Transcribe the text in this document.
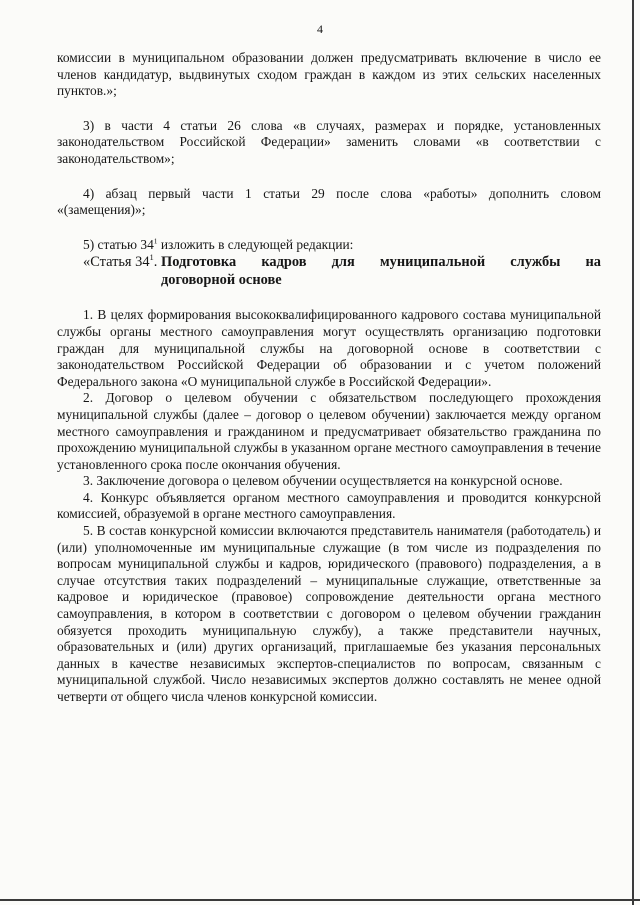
4

комиссии в муниципальном образовании должен предусматривать включение в число ее членов кандидатур, выдвинутых сходом граждан в каждом из этих сельских населенных пунктов.»;

3) в части 4 статьи 26 слова «в случаях, размерах и порядке, установленных законодательством Российской Федерации» заменить словами «в соответствии с законодательством»;

4) абзац первый части 1 статьи 29 после слова «работы» дополнить словом «(замещения)»;

5) статью $34^1$ изложить в следующей редакции:

«Статья $34^1$. Подготовка кадров для муниципальной службы на
договорной основе

1. В целях формирования высококвалифицированного кадрового состава муниципальной службы органы местного самоуправления могут осуществлять организацию подготовки граждан для муниципальной службы на договорной основе в соответствии с законодательством Российской Федерации об образовании и с учетом положений Федерального закона «О муниципальной службе в Российской Федерации».

2. Договор о целевом обучении с обязательством последующего прохождения муниципальной службы (далее – договор о целевом обучении) заключается между органом местного самоуправления и гражданином и предусматривает обязательство гражданина по прохождению муниципальной службы в указанном органе местного самоуправления в течение установленного срока после окончания обучения.

3. Заключение договора о целевом обучении осуществляется на конкурсной основе.

4. Конкурс объявляется органом местного самоуправления и проводится конкурсной комиссией, образуемой в органе местного самоуправления.

5. В состав конкурсной комиссии включаются представитель нанимателя (работодатель) и (или) уполномоченные им муниципальные служащие (в том числе из подразделения по вопросам муниципальной службы и кадров, юридического (правового) подразделения, а в случае отсутствия таких подразделений – муниципальные служащие, ответственные за кадровое и юридическое (правовое) сопровождение деятельности органа местного самоуправления, в котором в соответствии с договором о целевом обучении гражданин обязуется проходить муниципальную службу), а также представители научных, образовательных и (или) других организаций, приглашаемые без указания персональных данных в качестве независимых экспертов-специалистов по вопросам, связанным с муниципальной службой. Число независимых экспертов должно составлять не менее одной четверти от общего числа членов конкурсной комиссии.
